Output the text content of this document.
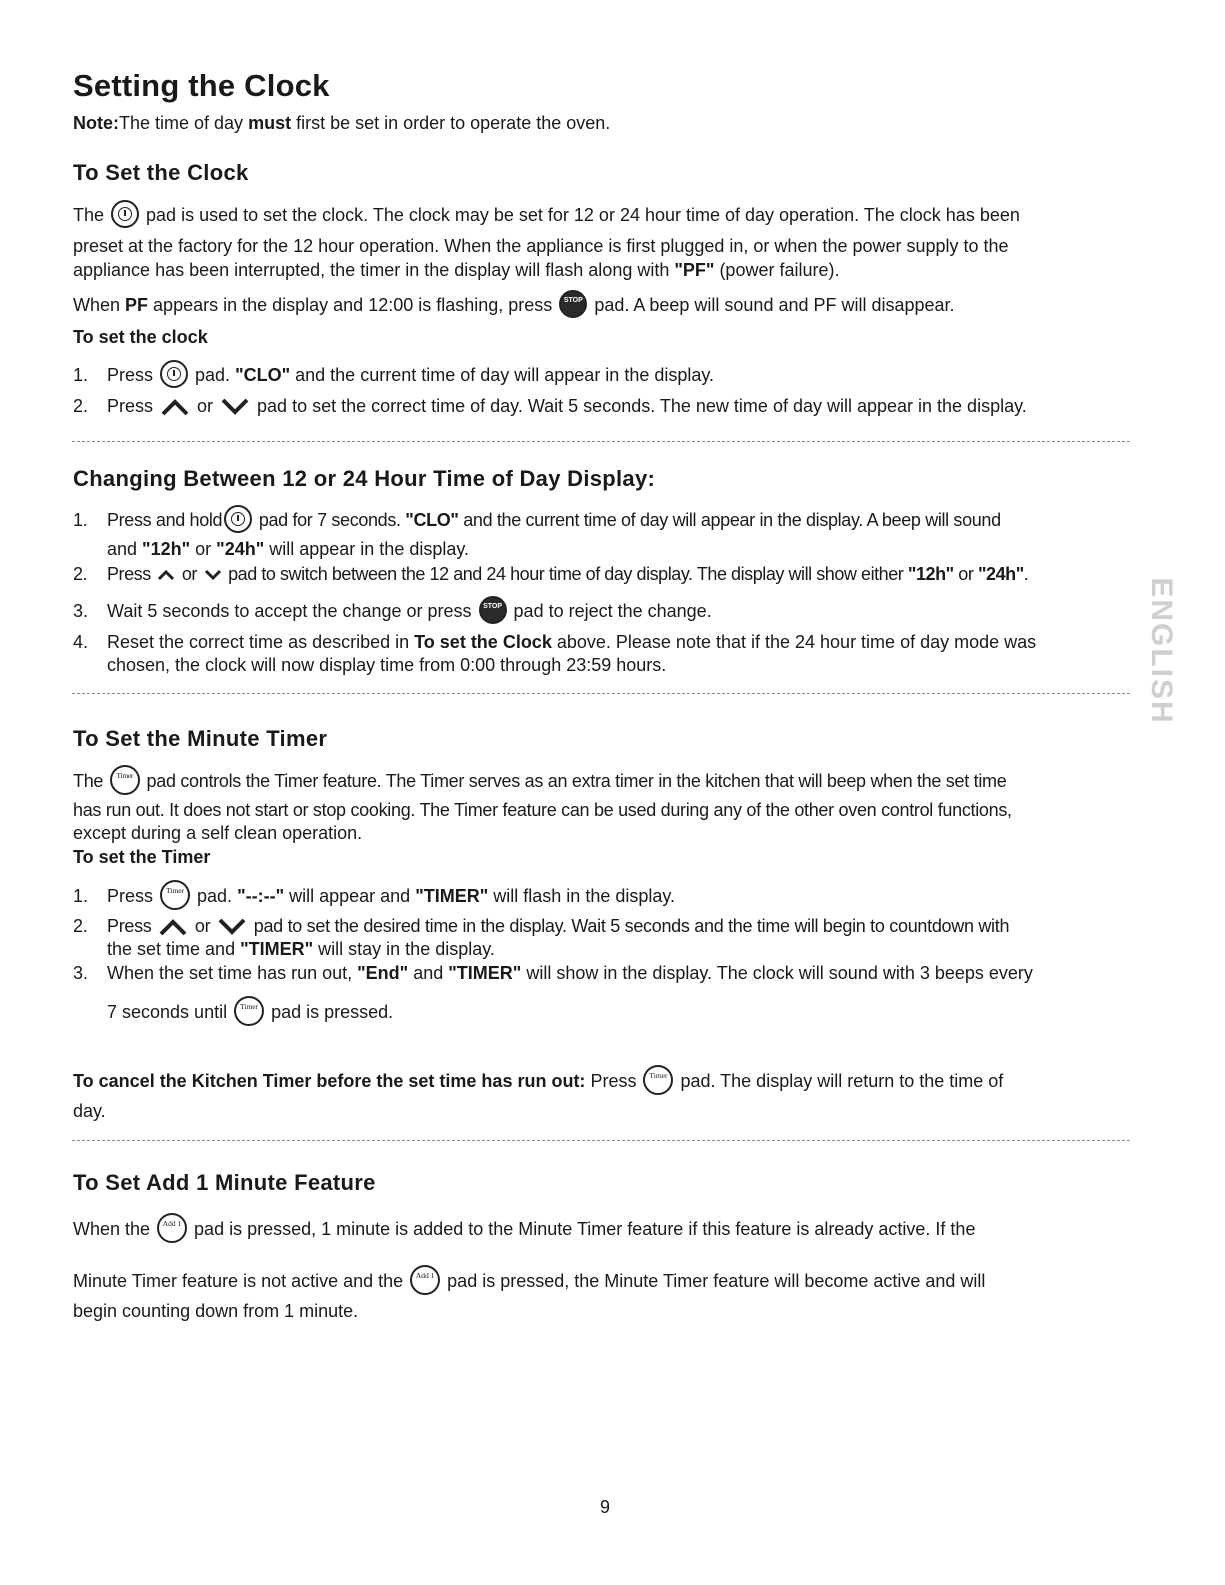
Setting the Clock
Note:The time of day must first be set in order to operate the oven.
To Set the Clock
The  pad is used to set the clock. The clock may be set for 12 or 24 hour time of day operation. The clock has been
preset at the factory for the 12 hour operation. When the appliance is first plugged in, or when the power supply to the
appliance has been interrupted, the timer in the display will flash along with "PF" (power failure).
When PF appears in the display and 12:00 is flashing, press STOP pad. A beep will sound and PF will disappear.
To set the clock
1. Press  pad. "CLO" and the current time of day will appear in the display.
2. Press  or  pad to set the correct time of day. Wait 5 seconds. The new time of day will appear in the display.
Changing Between 12 or 24 Hour Time of Day Display:
1. Press and hold pad for 7 seconds. "CLO" and the current time of day will appear in the display. A beep will sound
and "12h" or "24h" will appear in the display.
2. Press  or  pad to switch between the 12 and 24 hour time of day display. The display will show either "12h" or "24h".
3. Wait 5 seconds to accept the change or press STOP pad to reject the change.
4. Reset the correct time as described in To set the Clock above. Please note that if the 24 hour time of day mode was
chosen, the clock will now display time from 0:00 through 23:59 hours.	ENGLISH
To Set the Minute Timer
The	Timer pad controls the Timer feature. The Timer serves as an extra timer in the kitchen that will beep when the set time
has run out. It does not start or stop cooking. The Timer feature can be used during any of the other oven control functions,
except during a self clean operation.
To set the Timer
1. Press	Timer pad. "--:--" will appear and "TIMER" will flash in the display.
2. Press  or  pad to set the desired time in the display. Wait 5 seconds and the time will begin to countdown with
the set time and "TIMER" will stay in the display.
3. When the set time has run out, "End" and "TIMER" will show in the display. The clock will sound with 3 beeps every
7 seconds until	Timer pad is pressed.
To cancel the Kitchen Timer before the set time has run out: Press	Timer pad. The display will return to the time of
day.
To Set Add 1 Minute Feature
When the	Add 1 pad is pressed, 1 minute is added to the Minute Timer feature if this feature is already active. If the
Minute Timer feature is not active and the	Add 1 pad is pressed, the Minute Timer feature will become active and will
begin counting down from 1 minute.
9
